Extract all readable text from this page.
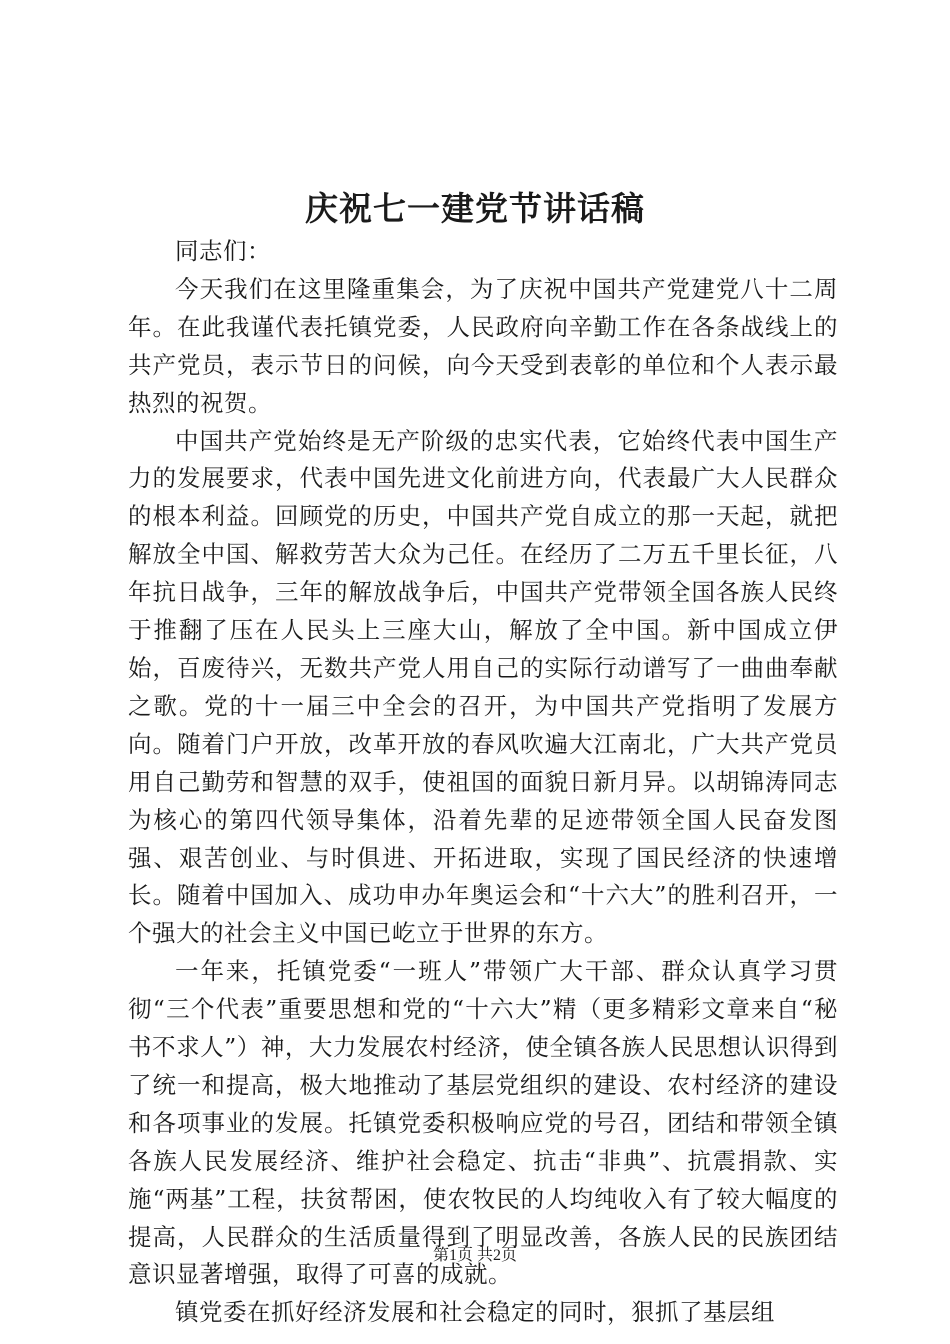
庆祝七一建党节讲话稿

同志们：

今天我们在这里隆重集会，为了庆祝中国共产党建党八十二周年。在此我谨代表托镇党委，人民政府向辛勤工作在各条战线上的共产党员，表示节日的问候，向今天受到表彰的单位和个人表示最热烈的祝贺。

中国共产党始终是无产阶级的忠实代表，它始终代表中国生产力的发展要求，代表中国先进文化前进方向，代表最广大人民群众的根本利益。回顾党的历史，中国共产党自成立的那一天起，就把解放全中国、解救劳苦大众为己任。在经历了二万五千里长征，八年抗日战争，三年的解放战争后，中国共产党带领全国各族人民终于推翻了压在人民头上三座大山，解放了全中国。新中国成立伊始，百废待兴，无数共产党人用自己的实际行动谱写了一曲曲奉献之歌。党的十一届三中全会的召开，为中国共产党指明了发展方向。随着门户开放，改革开放的春风吹遍大江南北，广大共产党员用自己勤劳和智慧的双手，使祖国的面貌日新月异。以胡锦涛同志为核心的第四代领导集体，沿着先辈的足迹带领全国人民奋发图强、艰苦创业、与时俱进、开拓进取，实现了国民经济的快速增长。随着中国加入、成功申办年奥运会和“十六大”的胜利召开，一个强大的社会主义中国已屹立于世界的东方。

一年来，托镇党委“一班人”带领广大干部、群众认真学习贯彻“三个代表”重要思想和党的“十六大”精（更多精彩文章来自“秘书不求人”）神，大力发展农村经济，使全镇各族人民思想认识得到了统一和提高，极大地推动了基层党组织的建设、农村经济的建设和各项事业的发展。托镇党委积极响应党的号召，团结和带领全镇各族人民发展经济、维护社会稳定、抗击“非典”、抗震捐款、实施“两基”工程，扶贫帮困，使农牧民的人均纯收入有了较大幅度的提高，人民群众的生活质量得到了明显改善，各族人民的民族团结意识显著增强，取得了可喜的成就。

镇党委在抓好经济发展和社会稳定的同时，狠抓了基层组

第1页 共2页
